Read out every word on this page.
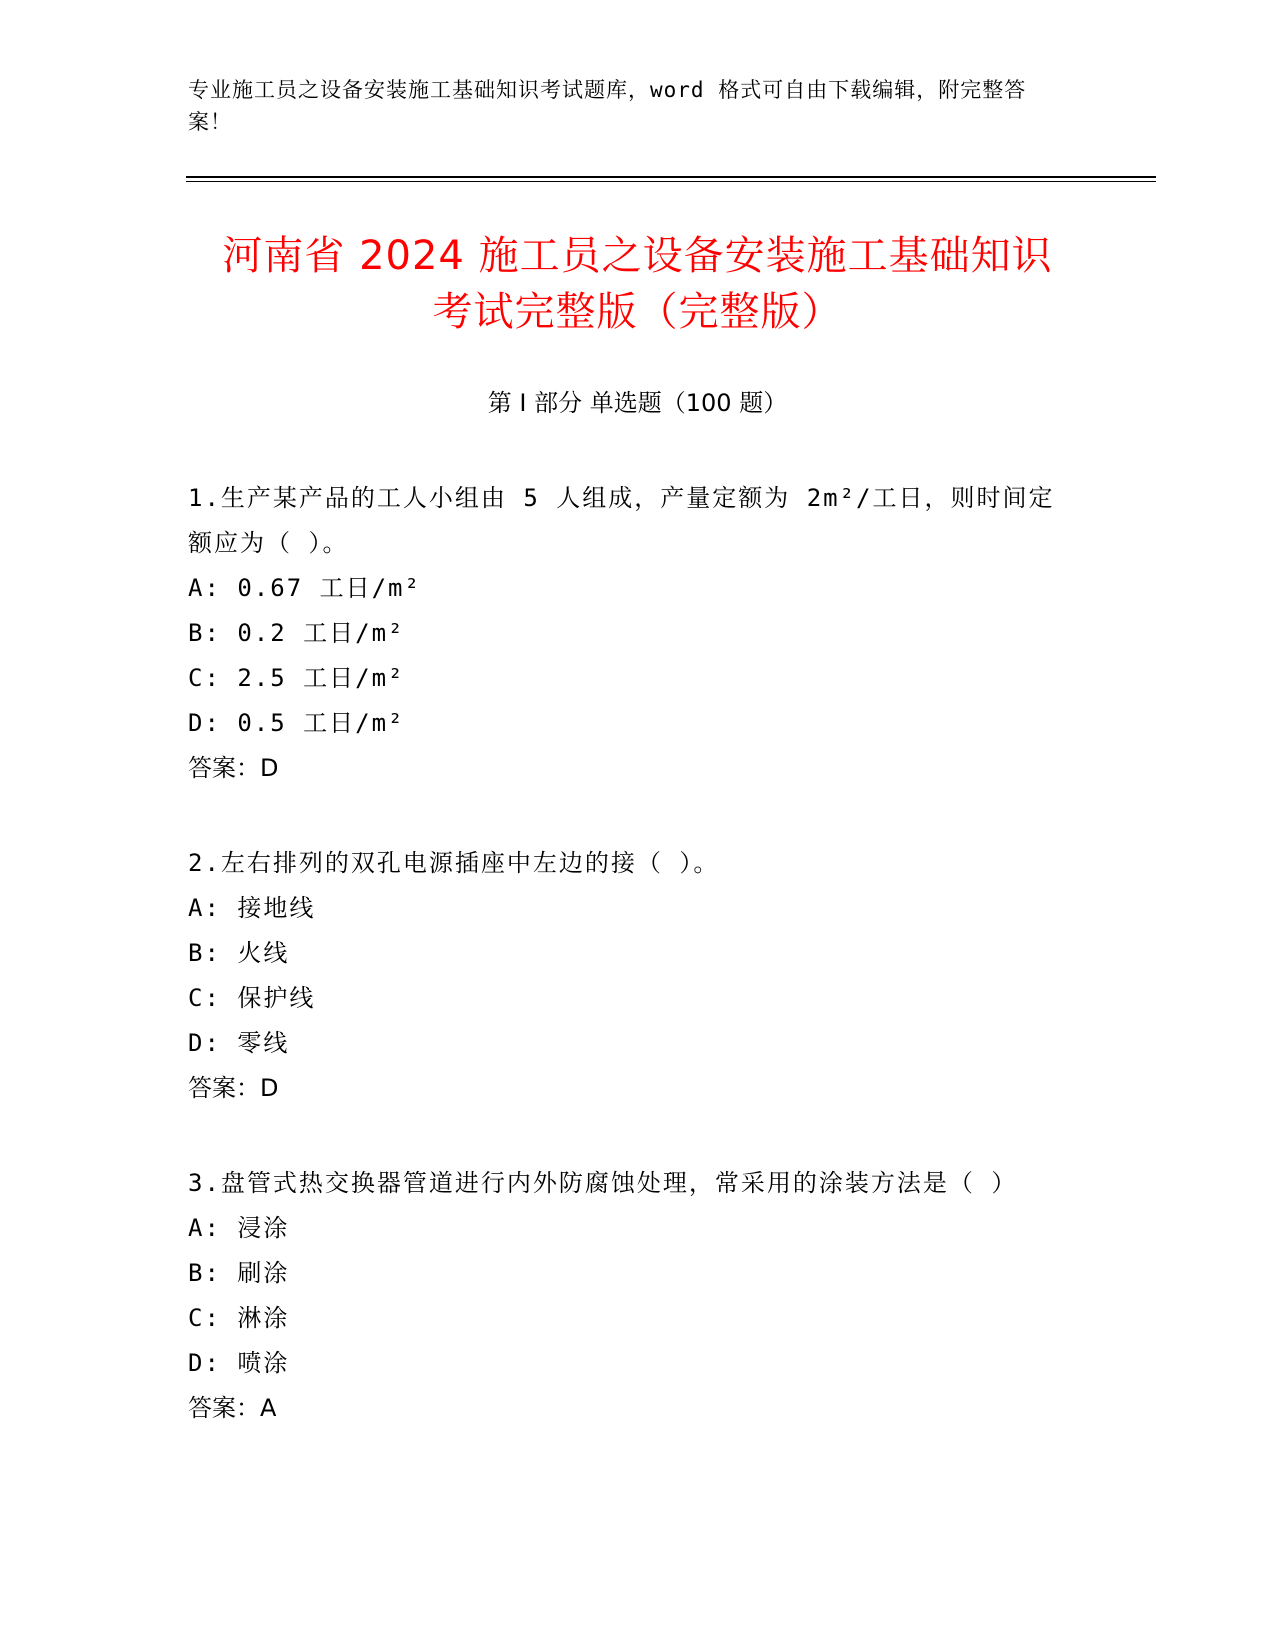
专业施工员之设备安装施工基础知识考试题库，word 格式可自由下载编辑，附完整答案！
河南省 2024 施工员之设备安装施工基础知识
考试完整版（完整版）
第 I 部分 单选题（100 题）
1.生产某产品的工人小组由 5 人组成，产量定额为 2m²/工日，则时间定额应为（ ）。
A: 0.67 工日/m²
B: 0.2 工日/m²
C: 2.5 工日/m²
D: 0.5 工日/m²
答案：D
2.左右排列的双孔电源插座中左边的接（ ）。
A: 接地线
B: 火线
C: 保护线
D: 零线
答案：D
3.盘管式热交换器管道进行内外防腐蚀处理，常采用的涂装方法是（ ）
A: 浸涂
B: 刷涂
C: 淋涂
D: 喷涂
答案：A
